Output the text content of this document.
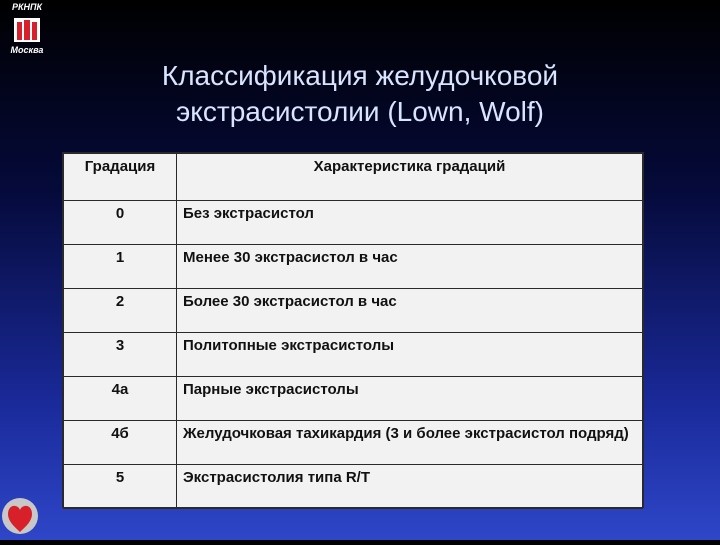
РКНПК
Москва
Классификация желудочковой
экстрасистолии (Lown, Wolf)
Градация	Характеристика градаций
0	Без экстрасистол
1	Менее 30 экстрасистол в час
2	Более 30 экстрасистол в час
3	Политопные экстрасистолы
4а	Парные экстрасистолы
4б	Желудочковая тахикардия (3 и более экстрасистол подряд)
5	Экстрасистолия типа R/T
